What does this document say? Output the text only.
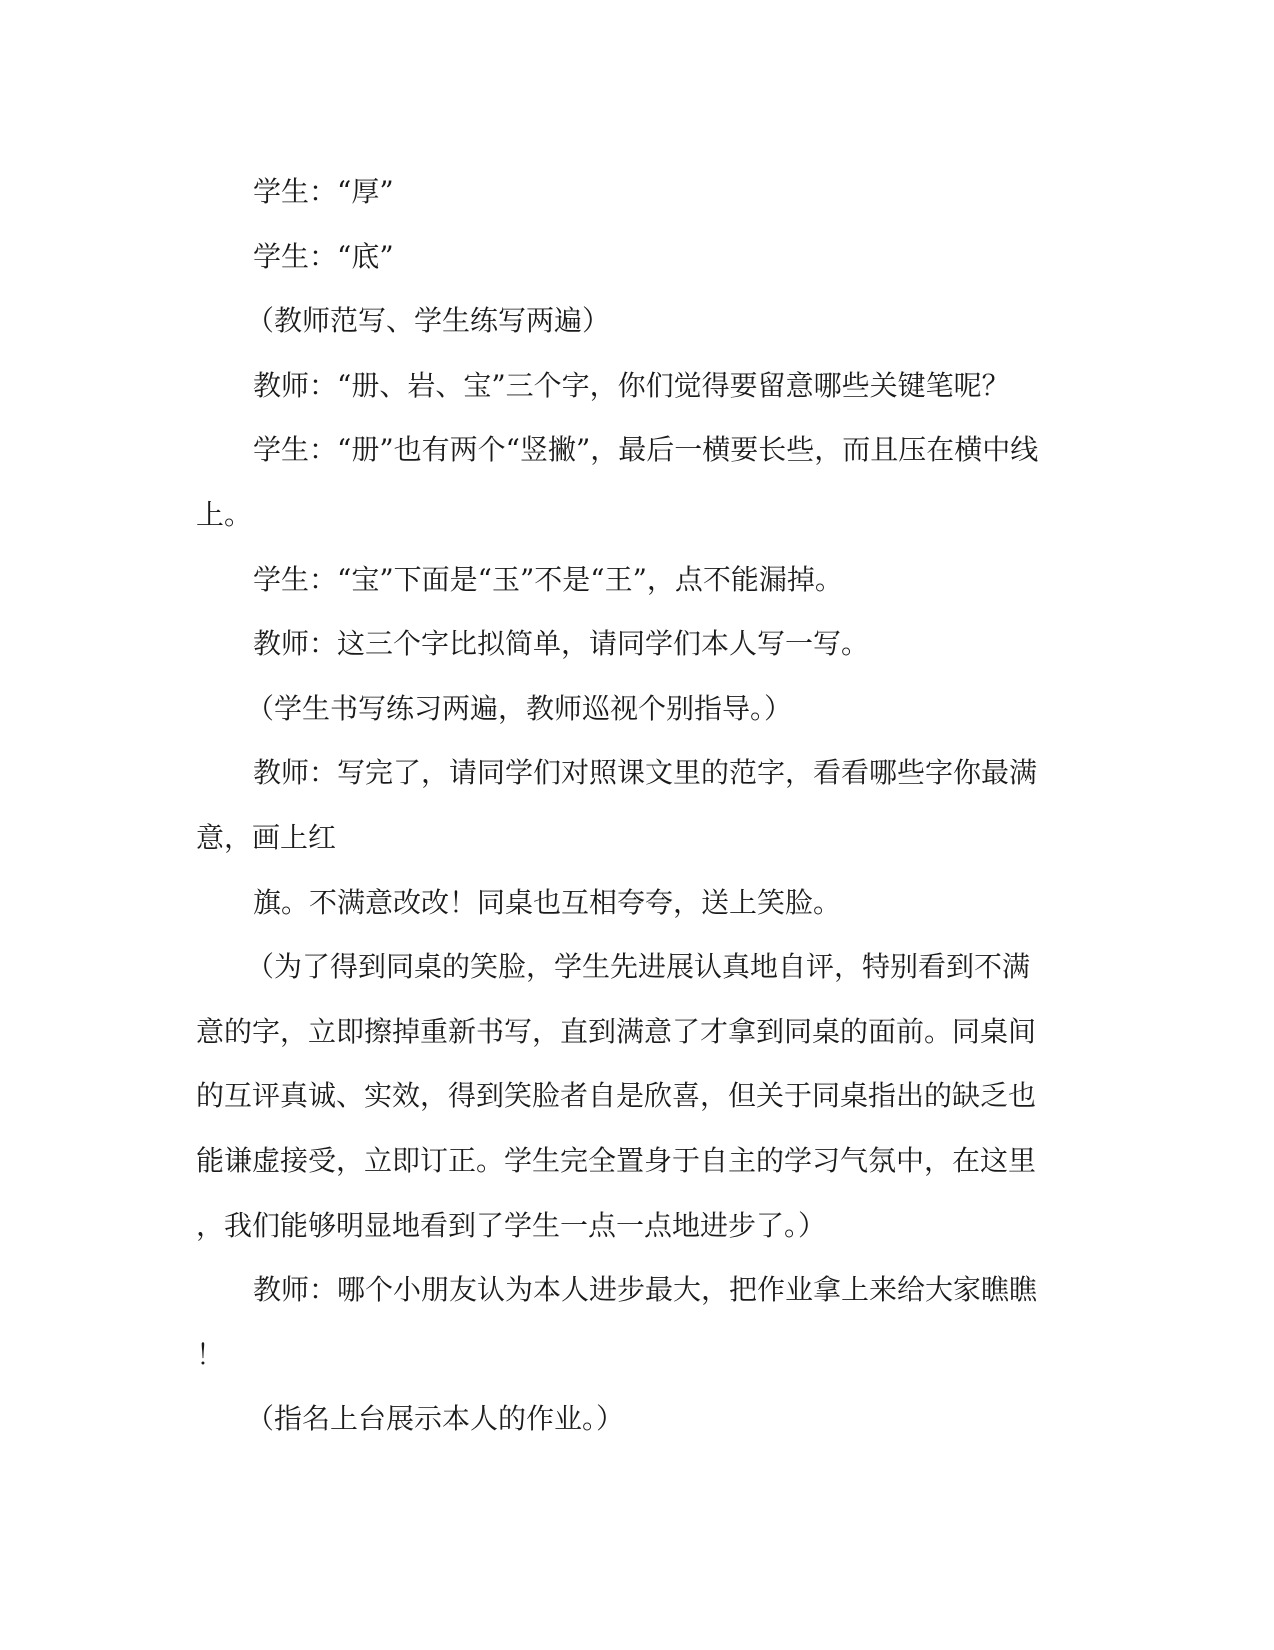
学生：“厚”
学生：“底”
（教师范写、学生练写两遍）
教师：“册、岩、宝”三个字，你们觉得要留意哪些关键笔呢？
学生：“册”也有两个“竖撇”，最后一横要长些，而且压在横中线
上。
学生：“宝”下面是“玉”不是“王”，点不能漏掉。
教师：这三个字比拟简单，请同学们本人写一写。
（学生书写练习两遍，教师巡视个别指导。）
教师：写完了，请同学们对照课文里的范字，看看哪些字你最满
意，画上红
旗。不满意改改！同桌也互相夸夸，送上笑脸。
（为了得到同桌的笑脸，学生先进展认真地自评，特别看到不满
意的字，立即擦掉重新书写，直到满意了才拿到同桌的面前。同桌间
的互评真诚、实效，得到笑脸者自是欣喜，但关于同桌指出的缺乏也
能谦虚接受，立即订正。学生完全置身于自主的学习气氛中，在这里
，我们能够明显地看到了学生一点一点地进步了。）
教师：哪个小朋友认为本人进步最大，把作业拿上来给大家瞧瞧
！
（指名上台展示本人的作业。）
